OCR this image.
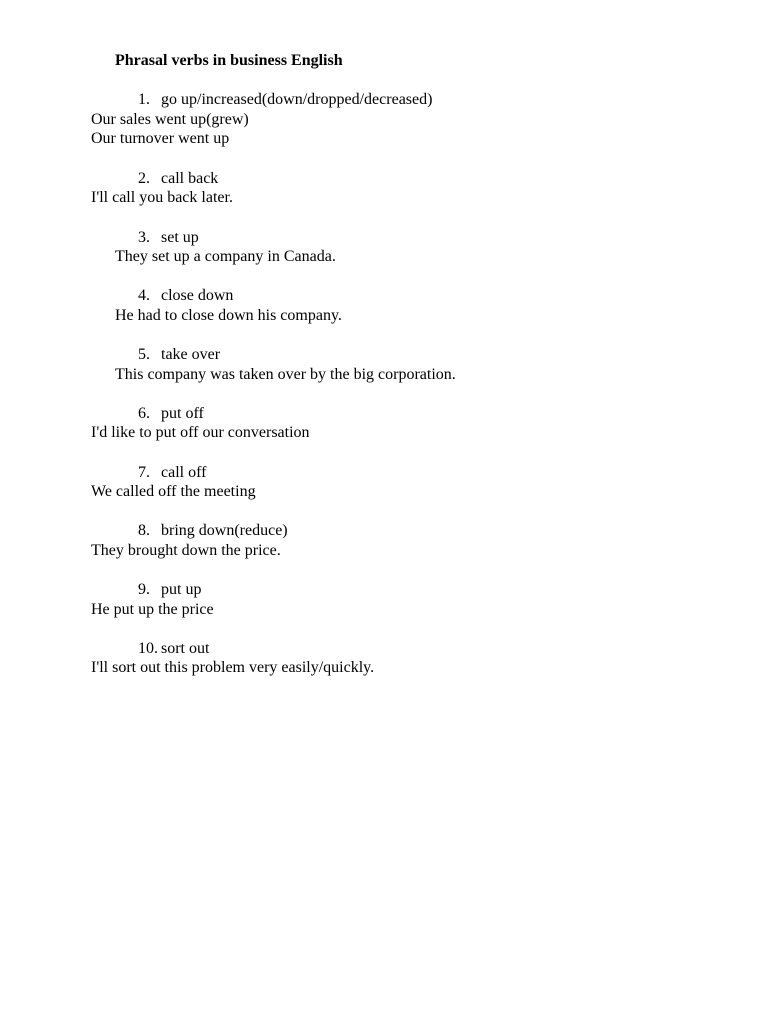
Phrasal verbs in business English
1. go up/increased(down/dropped/decreased)
Our sales went up(grew)
Our turnover went up
2. call back
I'll call you back later.
3. set up
They set up a company in Canada.
4. close down
He had to close down his company.
5. take over
This company was taken over by the big corporation.
6. put off
I'd like to put off our conversation
7. call off
We called off the meeting
8. bring down(reduce)
They brought down the price.
9. put up
He put up the price
10. sort out
I'll sort out this problem very easily/quickly.
